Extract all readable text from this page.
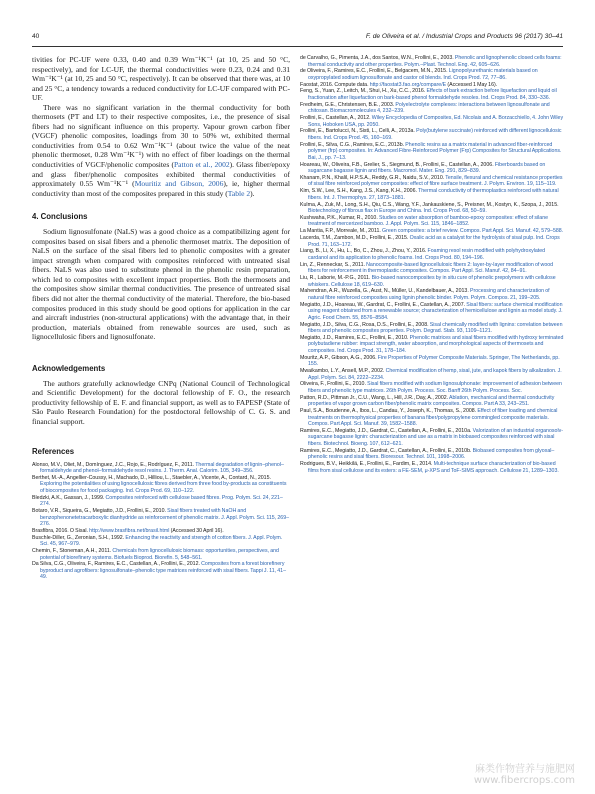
40	F. de Oliveira et al. / Industrial Crops and Products 96 (2017) 30–41

tivities for PC-UF were 0.33, 0.40 and 0.39 Wm⁻¹K⁻¹ (at 10, 25 and 50 °C, respectively), and for LC-UF, the thermal conductivities were 0.23, 0.24 and 0.31 Wm⁻¹K⁻¹ (at 10, 25 and 50 °C, respectively). It can be observed that there was, at 10 and 25 °C, a tendency towards a reduced conductivity for LC-UF compared with PC-UF.

There was no significant variation in the thermal conductivity for both thermosets (PT and LT) to their respective composites, i.e., the presence of sisal fibers had no significant influence on this property. Vapour grown carbon fiber (VGCF) phenolic composites, loadings from 30 to 50% wt, exhibited thermal conductivities from 0.54 to 0.62 Wm⁻¹K⁻¹ (about twice the value of the neat phenolic thermoset, 0.28 Wm⁻¹K⁻¹) with no effect of fiber loadings on the thermal conductivities of VGCF/phenolic composites (Patton et al., 2002). Glass fiber/epoxy and glass fiber/phenolic composites exhibited thermal conductivities of approximately 0.55 Wm⁻¹K⁻¹ (Mouritiz and Gibson, 2006), ie, higher thermal conductivity than most of the composites prepared in this study (Table 2).

4. Conclusions

Sodium lignosulfonate (NaLS) was a good choice as a compatibilizing agent for composites based on sisal fibers and a phenolic thermoset matrix. The deposition of NaLS on the surface of the sisal fibers led to phenolic composites with a greater impact strength when compared with composites reinforced with untreated sisal fibers. NaLS was also used to substitute phenol in the phenolic resin preparation, which led to composites with excellent impact properties. Both the thermosets and the composites show similar thermal conductivities. The presence of untreated sisal fibers did not alter the thermal conductivity of the material. Therefore, the bio-based composites produced in this study should be good options for application in the car and aircraft industries (non-structural applications) with the advantage that, in their production, materials obtained from renewable sources are used, such as lignocellulosic fibers and lignosulfonate.

Acknowledgements

The authors gratefully acknowledge CNPq (National Council of Technological and Scientific Development) for the doctoral fellowship of F. O., the research productivity fellowship of E. F. and financial support, as well as to FAPESP (State of São Paulo Research Foundation) for the postdoctoral fellowship of C. G. S. and financial support.

References

Alonso, M.V., Oliet, M., Domínguez, J.C., Rojo, E., Rodríguez, F., 2011. Thermal degradation of lignin–phenol–formaldehyde and phenol–formaldehyde resol resins. J. Therm. Anal. Calorim. 105, 349–356.

Berthet, M.-A., Angellier-Coussy, H., Machado, D., Hilliou, L., Staebler, A., Vicente, A., Contard, N., 2015. Exploring the potentialities of using lignocellulosic fibres derived from three food by-products as constituents of biocomposites for food packaging. Ind. Crops Prod. 69, 110–122.

Bledzki, A.K., Gassan, J., 1999. Composites reinforced with cellulose based fibres. Prog. Polym. Sci. 24, 221–274.

Botaro, V.R., Siqueira, G., Megiatto, J.D., Frollini, E., 2010. Sisal fibers treated with NaOH and benzophenonetetracarboxylic dianhydride as reinforcement of phenolic matrix. J. Appl. Polym. Sci. 115, 269–276.

Brasfibra, 2016. O Sisal. http://www.brasfibra.net/brasil.html (Accessed 30 April 16).

Buschle-Diller, G., Zeronian, S.H., 1992. Enhancing the reactivity and strength of cotton fibers. J. Appl. Polym. Sci. 45, 967–979.

Chemin, F., Stoneman, A.H., 2011. Chemicals from lignocellulosic biomass: opportunities, perspectives, and potential of biorefinery systems. Biofuels Bioprod. Biorefin. 5, 548–561.

Da Silva, C.G., Oliveira, F., Ramires, E.C., Castellan, A., Frollini, E., 2012. Composites from a forest biorefinery byproduct and agrofibers: lignosulfonate–phenolic type matrices reinforced with sisal fibers. Tappi J. 11, 41–49.

de Carvalho, G., Pimenta, J.A., dos Santos, W.N., Frollini, E., 2003. Phenolic and lignophenolic closed cells foams: thermal conductivity and other properties. Polym.–Plast. Technol. Eng. 42, 605–626.

de Oliveira, F., Ramires, E.C., Frollini, E., Belgacem, M.N., 2015. Lignopolyurethanic materials based on oxypropylated sodium lignosulfonate and castor oil blends. Ind. Crops Prod. 72, 77–86.

Faostat, 2016. Compute data. http://faostat3.fao.org/compare/E (Accessed 1 May 16).

Feng, S., Yuan, Z., Leitch, M., Shui, H., Xu, C.C., 2016. Effects of bark extraction before liquefaction and liquid oil fractionation after liquefaction on bark-based phenol formaldehyde resoles. Ind. Crops Prod. 84, 330–336.

Fredheim, G.E., Christensen, B.E., 2003. Polyelectrolyte complexes: interactions between lignosulfonate and chitosan. Biomacromolecules 4, 232–239.

Frollini, E., Castellan, A., 2012. Wiley Encyclopedia of Composites, Ed. Nicolais and A. Borzacchiello, 4. John Wiley Sons, Hoboken USA, pp. 2050.

Frollini, E., Bartolucci, N., Sisti, L., Celli, A., 2013a. Poly(butylene succinate) reinforced with different lignocellulosic fibers. Ind. Crops Prod. 45, 160–169.

Frollini, E., Silva, C.G., Ramires, E.C., 2013b. Phenolic resins as a matrix material in advanced fiber-reinforced polymer (frp) composites. In: Advanced Fibre-Reinforced Polymer (Frp) Composites for Structural Applications. Bai, J., pp. 7–13.

Hoareau, W., Oliveira, F.B., Grelier, S., Siegmund, B., Frollini, E., Castellan, A., 2006. Fiberboards based on sugarcane bagasse lignin and fibers. Macromol. Mater. Eng. 291, 829–839.

Khanam, P.N., Khalil, H.P.S.A., Reddy, G.R., Naidu, S.V., 2010. Tensile, flexural and chemical resistance properties of sisal fibre reinforced polymer composites: effect of fibre surface treatment. J. Polym. Environ. 19, 115–119.

Kim, S.W., Lee, S.H., Kang, J.S., Kang, K.H., 2006. Thermal conductivity of thermoplastics reinforced with natural fibers. Int. J. Thermophys. 27, 1873–1881.

Kulma, A., Zuk, M., Long, S.H., Qiu, C.S., Wang, Y.F., Jankauskiene, S., Preisner, M., Kostyn, K., Szopa, J., 2015. Biotechnology of fibrous flax in Europe and China. Ind. Crops Prod. 68, 50–59.

Kushwaha, P.K., Kumar, R., 2010. Studies on water absorption of bamboo-epoxy composites: effect of silane treatment of mercerized bamboo. J. Appl. Polym. Sci. 115, 1846–1852.

La Mantia, F.P., Morreale, M., 2011. Green composites: a brief review. Compos. Part Appl. Sci. Manuf. 42, 579–588.

Lacerda, T.M., Zambon, M.D., Frollini, E., 2015. Oxalic acid as a catalyst for the hydrolysis of sisal pulp. Ind. Crops Prod. 71, 163–172.

Liang, B., Li, X., Hu, L., Bo, C., Zhou, J., Zhou, Y., 2016. Foaming resol resin modified with polyhydroxylated cardanol and its application to phenolic foams. Ind. Crops Prod. 80, 194–196.

Lin, Z., Renneckar, S., 2011. Nanocomposite-based lignocellulosic fibers 2: layer-by-layer modification of wood fibers for reinforcement in thermoplastic composites. Compos. Part Appl. Sci. Manuf. 42, 84–91.

Liu, R., Laborie, M.-P.G., 2011. Bio-based nanocomposites by in situ cure of phenolic prepolymers with cellulose whiskers. Cellulose 18, 619–630.

Mahendran, A.R., Wuzella, G., Aust, N., Müller, U., Kandelbauer, A., 2013. Processing and characterization of natural fibre reinforced composites using lignin phenolic binder. Polym. Polym. Compos. 21, 199–205.

Megiatto, J.D., Hoareau, W., Gardrat, C., Frollini, E., Castellan, A., 2007. Sisal fibers: surface chemical modification using reagent obtained from a renewable source; characterization of hemicellulose and lignin as model study. J. Agric. Food Chem. 55, 8576–8584.

Megiatto, J.D., Silva, C.G., Rosa, D.S., Frollini, E., 2008. Sisal chemically modified with lignins: correlation between fibers and phenolic composites properties. Polym. Degrad. Stab. 93, 1109–1121.

Megiatto, J.D., Ramires, E.C., Frollini, E., 2010. Phenolic matrices and sisal fibers modified with hydroxy terminated polybutadiene rubber: impact strength, water absorption, and morphological aspects of thermosets and composites. Ind. Crops Prod. 31, 178–184.

Mouritz, A.P., Gibson, A.G., 2006. Fire Properties of Polymer Composite Materials. Springer, The Netherlands, pp. 155.

Mwaikambo, L.Y., Ansell, M.P., 2002. Chemical modification of hemp, sisal, jute, and kapok fibers by alkalization. J. Appl. Polym. Sci. 84, 2222–2234.

Oliveira, F., Frollini, E., 2010. Sisal fibers modified with sodium lignosulphonate: improvement of adhesion between fibers and phenolic type matrices. 26th Polym. Process. Soc. Banff 26th Polym. Process. Soc.

Patton, R.D., Pittman Jr., C.U., Wang, L., Hill, J.R., Day, A., 2002. Ablation, mechanical and thermal conductivity properties of vapor grown carbon fiber/phenolic matrix composites. Compos. Part A 33, 243–251.

Paul, S.A., Boudenne, A., Ibos, L., Candau, Y., Joseph, K., Thomas, S., 2008. Effect of fiber loading and chemical treatments on thermophysical properties of banana fiber/polypropylene commingled composite materials. Compos. Part Appl. Sci. Manuf. 39, 1582–1588.

Ramires, E.C., Megiatto, J.D., Gardrat, C., Castellan, A., Frollini, E., 2010a. Valorization of an industrial organosolv-sugarcane bagasse lignin: characterization and use as a matrix in biobased composites reinforced with sisal fibers. Biotechnol. Bioeng. 107, 612–621.

Ramires, E.C., Megiatto, J.D., Gardrat, C., Castellan, A., Frollini, E., 2010b. Biobased composites from glyoxal–phenolic resins and sisal fibers. Bioresour. Technol. 101, 1998–2006.

Rodrigues, B.V., Heikkilä, E., Frollini, E., Fardim, E., 2014. Multi-technique surface characterization of bio-based films from sisal cellulose and its esters: a FE-SEM, μ-XPS and ToF-SIMS approach. Cellulose 21, 1289–1303.

麻类作物营养与施肥网
www.fibercrops.com
